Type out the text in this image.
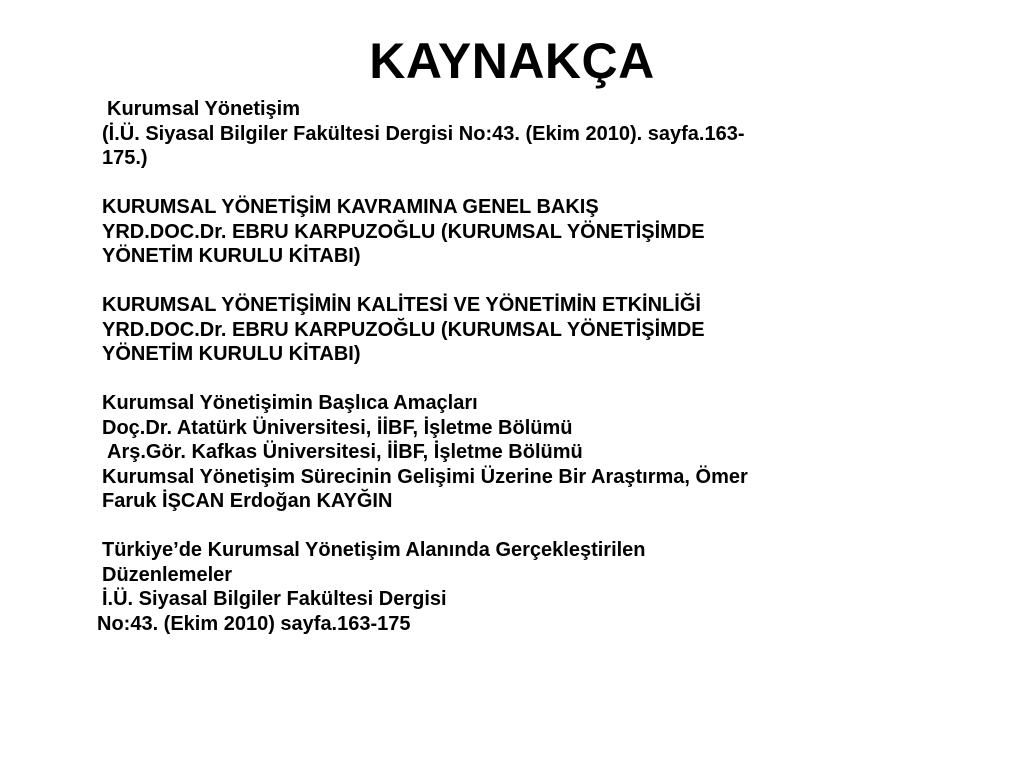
KAYNAKÇA
Kurumsal Yönetişim
(İ.Ü. Siyasal Bilgiler Fakültesi Dergisi No:43. (Ekim 2010). sayfa.163-
175.)
KURUMSAL YÖNETİŞİM KAVRAMINA GENEL BAKIŞ
YRD.DOC.Dr. EBRU KARPUZOĞLU (KURUMSAL YÖNETİŞİMDE
YÖNETİM KURULU KİTABI)
KURUMSAL YÖNETİŞİMİN KALİTESİ VE YÖNETİMİN ETKİNLİĞİ
YRD.DOC.Dr. EBRU KARPUZOĞLU (KURUMSAL YÖNETİŞİMDE
YÖNETİM KURULU KİTABI)
Kurumsal Yönetişimin Başlıca Amaçları
Doç.Dr. Atatürk Üniversitesi, İİBF, İşletme Bölümü
Arş.Gör. Kafkas Üniversitesi, İİBF, İşletme Bölümü
Kurumsal Yönetişim Sürecinin Gelişimi Üzerine Bir Araştırma, Ömer
Faruk İŞCAN Erdoğan KAYĞIN
Türkiye’de Kurumsal Yönetişim Alanında Gerçekleştirilen
Düzenlemeler
İ.Ü. Siyasal Bilgiler Fakültesi Dergisi
No:43. (Ekim 2010) sayfa.163-175
